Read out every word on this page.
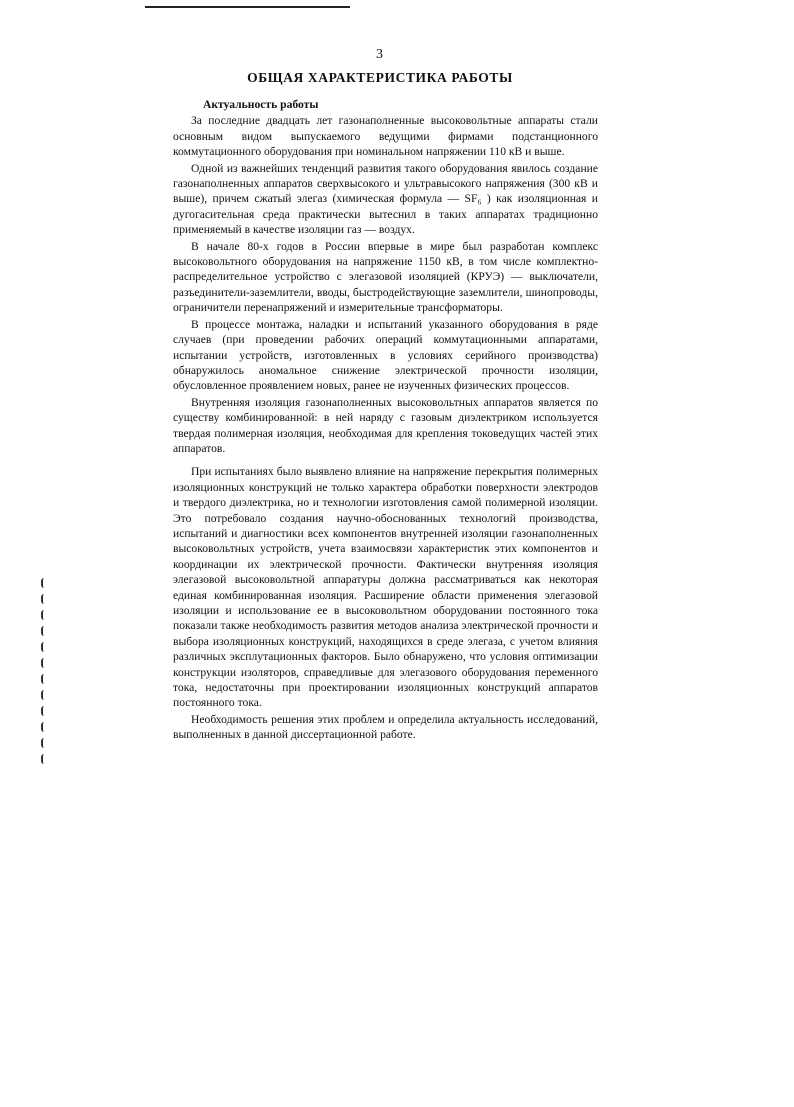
3
ОБЩАЯ ХАРАКТЕРИСТИКА РАБОТЫ

Актуальность работы

За последние двадцать лет газонаполненные высоковольтные аппараты стали основным видом выпускаемого ведущими фирмами подстанционного коммутационного оборудования при номинальном напряжении 110 кВ и выше.

Одной из важнейших тенденций развития такого оборудования явилось создание газонаполненных аппаратов сверхвысокого и ультравысокого напряжения (300 кВ и выше), причем сжатый элегаз (химическая формула — SF₆ ) как изоляционная и дугогасительная среда практически вытеснил в таких аппаратах традиционно применяемый в качестве изоляции газ — воздух.

В начале 80-х годов в России впервые в мире был разработан комплекс высоковольтного оборудования на напряжение 1150 кВ, в том числе комплектно-распределительное устройство с элегазовой изоляцией (КРУЭ) — выключатели, разъединители-заземлители, вводы, быстродействующие заземлители, шинопроводы, ограничители перенапряжений и измерительные трансформаторы.

В процессе монтажа, наладки и испытаний указанного оборудования в ряде случаев (при проведении рабочих операций коммутационными аппаратами, испытании устройств, изготовленных в условиях серийного производства) обнаружилось аномальное снижение электрической прочности изоляции, обусловленное проявлением новых, ранее не изученных физических процессов.

Внутренняя изоляция газонаполненных высоковольтных аппаратов является по существу комбинированной: в ней наряду с газовым диэлектриком используется твердая полимерная изоляция, необходимая для крепления токоведущих частей этих аппаратов.

При испытаниях было выявлено влияние на напряжение перекрытия полимерных изоляционных конструкций не только характера обработки поверхности электродов и твердого диэлектрика, но и технологии изготовления самой полимерной изоляции. Это потребовало создания научно-обоснованных технологий производства, испытаний и диагностики всех компонентов внутренней изоляции газонаполненных высоковольтных устройств, учета взаимосвязи характеристик этих компонентов и координации их электрической прочности. Фактически внутренняя изоляция элегазовой высоковольтной аппаратуры должна рассматриваться как некоторая единая комбинированная изоляция. Расширение области применения элегазовой изоляции и использование ее в высоковольтном оборудовании постоянного тока показали также необходимость развития методов анализа электрической прочности и выбора изоляционных конструкций, находящихся в среде элегаза, с учетом влияния различных эксплутационных факторов. Было обнаружено, что условия оптимизации конструкции изоляторов, справедливые для элегазового оборудования переменного тока, недостаточны при проектировании изоляционных конструкций аппаратов постоянного тока.

Необходимость решения этих проблем и определила актуальность исследований, выполненных в данной диссертационной работе.
